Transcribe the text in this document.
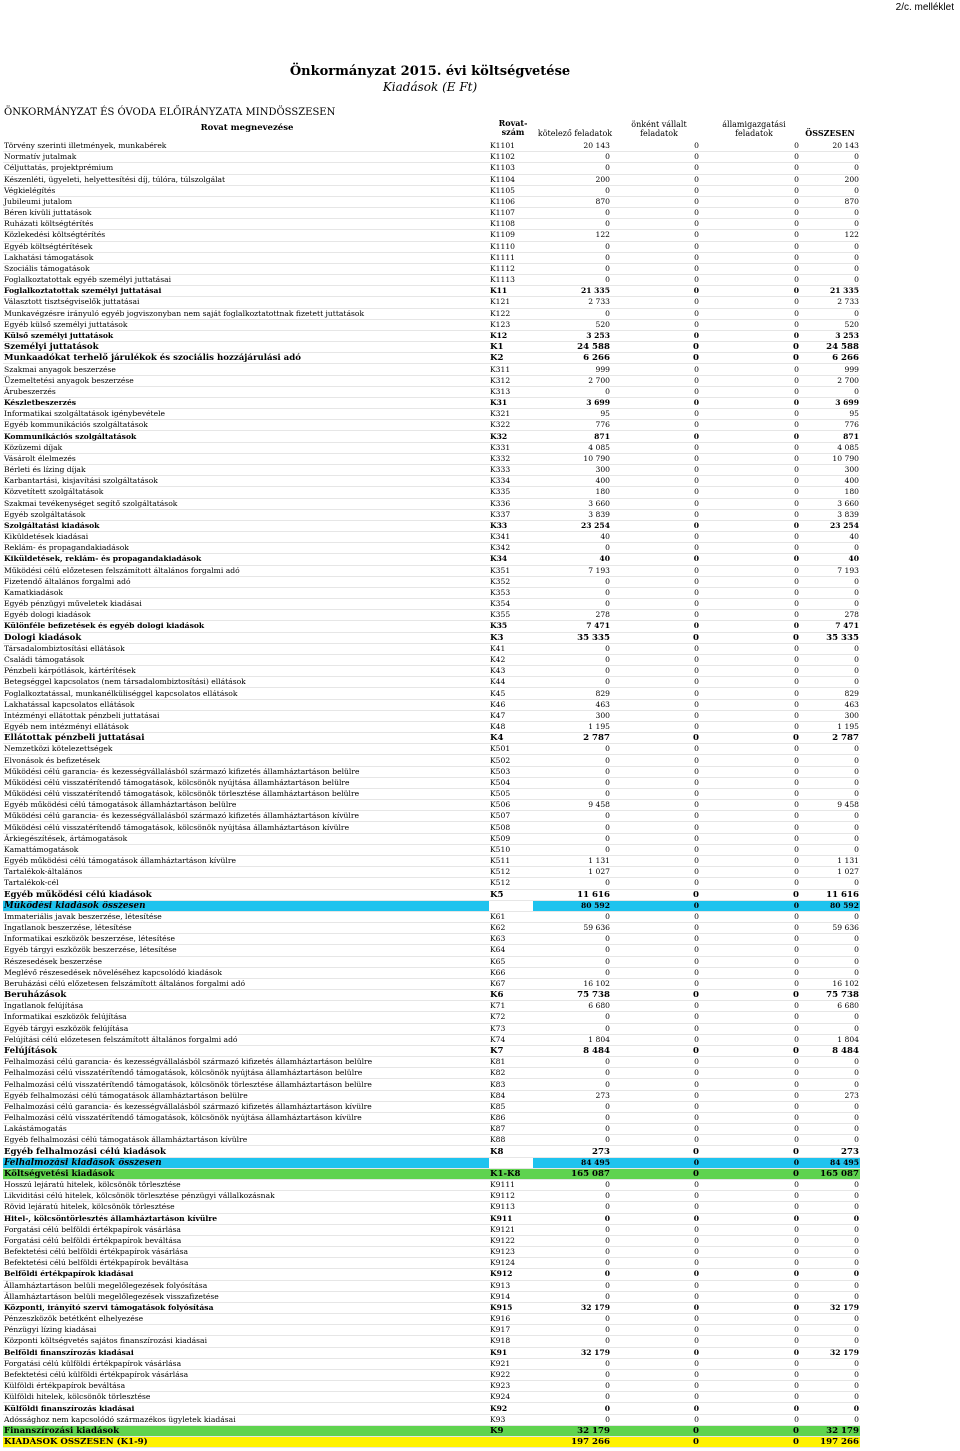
2/c. melléklet
Önkormányzat 2015. évi költségvetése
Kiadások (E Ft)
ÖNKORMÁNYZAT ÉS ÓVODA ELŐIRÁNYZATA MINDÖSSZESEN
Rovat megnevezése	Rovat-
szám	kötelező feladatok
önként vállalt
feladatok
államigazgatási
feladatok	ÖSSZESEN
Törvény szerinti illetmények, munkabérek	K1101	20 143	0	0	20 143
Normatív jutalmak	K1102	0	0	0	0
Céljuttatás, projektprémium	K1103	0	0	0	0
Készenléti, ügyeleti, helyettesítési díj, túlóra, túlszolgálat	K1104	200	0	0	200
Végkielégítés	K1105	0	0	0	0
Jubileumi jutalom	K1106	870	0	0	870
Béren kívüli juttatások	K1107	0	0	0	0
Ruházati költségtérítés	K1108	0	0	0	0
Közlekedési költségtérítés	K1109	122	0	0	122
Egyéb költségtérítések	K1110	0	0	0	0
Lakhatási támogatások	K1111	0	0	0	0
Szociális támogatások	K1112	0	0	0	0
Foglalkoztatottak egyéb személyi juttatásai	K1113	0	0	0	0
Foglalkoztatottak személyi juttatásai	K11	21 335	0	0	21 335
Választott tisztségviselők juttatásai	K121	2 733	0	0	2 733
Munkavégzésre irányuló egyéb jogviszonyban nem saját foglalkoztatottnak fizetett juttatások	K122	0	0	0	0
Egyéb külső személyi juttatások	K123	520	0	0	520
Külső személyi juttatások	K12	3 253	0	0	3 253
Személyi juttatások	K1	24 588	0	0	24 588
Munkaadókat terhelő járulékok és szociális hozzájárulási adó	K2	6 266	0	0	6 266
Szakmai anyagok beszerzése	K311	999	0	0	999
Üzemeltetési anyagok beszerzése	K312	2 700	0	0	2 700
Árubeszerzés	K313	0	0	0	0
Készletbeszerzés	K31	3 699	0	0	3 699
Informatikai szolgáltatások igénybevétele	K321	95	0	0	95
Egyéb kommunikációs szolgáltatások	K322	776	0	0	776
Kommunikációs szolgáltatások	K32	871	0	0	871
Közüzemi díjak	K331	4 085	0	0	4 085
Vásárolt élelmezés	K332	10 790	0	0	10 790
Bérleti és lízing díjak	K333	300	0	0	300
Karbantartási, kisjavítási szolgáltatások	K334	400	0	0	400
Közvetített szolgáltatások	K335	180	0	0	180
Szakmai tevékenységet segítő szolgáltatások	K336	3 660	0	0	3 660
Egyéb szolgáltatások	K337	3 839	0	0	3 839
Szolgáltatási kiadások	K33	23 254	0	0	23 254
Kiküldetések kiadásai	K341	40	0	0	40
Reklám- és propagandakiadások	K342	0	0	0	0
Kiküldetések, reklám- és propagandakiadások	K34	40	0	0	40
Működési célú előzetesen felszámított általános forgalmi adó	K351	7 193	0	0	7 193
Fizetendő általános forgalmi adó	K352	0	0	0	0
Kamatkiadások	K353	0	0	0	0
Egyéb pénzügyi műveletek kiadásai	K354	0	0	0	0
Egyéb dologi kiadások	K355	278	0	0	278
Különféle befizetések és egyéb dologi kiadások	K35	7 471	0	0	7 471
Dologi kiadások	K3	35 335	0	0	35 335
Társadalombiztosítási ellátások	K41	0	0	0	0
Családi támogatások	K42	0	0	0	0
Pénzbeli kárpótlások, kártérítések	K43	0	0	0	0
Betegséggel kapcsolatos (nem társadalombiztosítási) ellátások	K44	0	0	0	0
Foglalkoztatással, munkanélküliséggel kapcsolatos ellátások	K45	829	0	0	829
Lakhatással kapcsolatos ellátások	K46	463	0	0	463
Intézményi ellátottak pénzbeli juttatásai	K47	300	0	0	300
Egyéb nem intézményi ellátások	K48	1 195	0	0	1 195
Ellátottak pénzbeli juttatásai	K4	2 787	0	0	2 787
Nemzetközi kötelezettségek	K501	0	0	0	0
Elvonások és befizetések	K502	0	0	0	0
Működési célú garancia- és kezességvállalásból származó kifizetés államháztartáson belülre	K503	0	0	0	0
Működési célú visszatérítendő támogatások, kölcsönök nyújtása államháztartáson belülre	K504	0	0	0	0
Működési célú visszatérítendő támogatások, kölcsönök törlesztése államháztartáson belülre	K505	0	0	0	0
Egyéb működési célú támogatások államháztartáson belülre	K506	9 458	0	0	9 458
Működési célú garancia- és kezességvállalásból származó kifizetés államháztartáson kívülre	K507	0	0	0	0
Működési célú visszatérítendő támogatások, kölcsönök nyújtása államháztartáson kívülre	K508	0	0	0	0
Árkiegészítések, ártámogatások	K509	0	0	0	0
Kamattámogatások	K510	0	0	0	0
Egyéb működési célú támogatások államháztartáson kívülre	K511	1 131	0	0	1 131
Tartalékok-általános	K512	1 027	0	0	1 027
Tartalékok-cél	K512	0	0	0	0
Egyéb működési célú kiadások	K5	11 616	0	0	11 616
Működési kiadások összesen		80 592	0	0	80 592
Immateriális javak beszerzése, létesítése	K61	0	0	0	0
Ingatlanok beszerzése, létesítése	K62	59 636	0	0	59 636
Informatikai eszközök beszerzése, létesítése	K63	0	0	0	0
Egyéb tárgyi eszközök beszerzése, létesítése	K64	0	0	0	0
Részesedések beszerzése	K65	0	0	0	0
Meglévő részesedések növeléséhez kapcsolódó kiadások	K66	0	0	0	0
Beruházási célú előzetesen felszámított általános forgalmi adó	K67	16 102	0	0	16 102
Beruházások	K6	75 738	0	0	75 738
Ingatlanok felújítása	K71	6 680	0	0	6 680
Informatikai eszközök felújítása	K72	0	0	0	0
Egyéb tárgyi eszközök felújítása	K73	0	0	0	0
Felújítási célú előzetesen felszámított általános forgalmi adó	K74	1 804	0	0	1 804
Felújítások	K7	8 484	0	0	8 484
Felhalmozási célú garancia- és kezességvállalásból származó kifizetés államháztartáson belülre	K81	0	0	0	0
Felhalmozási célú visszatérítendő támogatások, kölcsönök nyújtása államháztartáson belülre	K82	0	0	0	0
Felhalmozási célú visszatérítendő támogatások, kölcsönök törlesztése államháztartáson belülre	K83	0	0	0	0
Egyéb felhalmozási célú támogatások államháztartáson belülre	K84	273	0	0	273
Felhalmozási célú garancia- és kezességvállalásból származó kifizetés államháztartáson kívülre	K85	0	0	0	0
Felhalmozási célú visszatérítendő támogatások, kölcsönök nyújtása államháztartáson kívülre	K86	0	0	0	0
Lakástámogatás	K87	0	0	0	0
Egyéb felhalmozási célú támogatások államháztartáson kívülre	K88	0	0	0	0
Egyéb felhalmozási célú kiadások	K8	273	0	0	273
Felhalmozási kiadások összesen		84 495	0	0	84 495
Költségvetési kiadások	K1-K8	165 087	0	0	165 087
Hosszú lejáratú hitelek, kölcsönök törlesztése	K9111	0	0	0	0
Likviditási célú hitelek, kölcsönök törlesztése pénzügyi vállalkozásnak	K9112	0	0	0	0
Rövid lejáratú hitelek, kölcsönök törlesztése	K9113	0	0	0	0
Hitel-, kölcsöntörlesztés államháztartáson kívülre	K911	0	0	0	0
Forgatási célú belföldi értékpapírok vásárlása	K9121	0	0	0	0
Forgatási célú belföldi értékpapírok beváltása	K9122	0	0	0	0
Befektetési célú belföldi értékpapírok vásárlása	K9123	0	0	0	0
Befektetési célú belföldi értékpapírok beváltása	K9124	0	0	0	0
Belföldi értékpapírok kiadásai	K912	0	0	0	0
Államháztartáson belüli megelőlegezések folyósítása	K913	0	0	0	0
Államháztartáson belüli megelőlegezések visszafizetése	K914	0	0	0	0
Központi, irányító szervi támogatások folyósítása	K915	32 179	0	0	32 179
Pénzeszközök betétként elhelyezése	K916	0	0	0	0
Pénzügyi lízing kiadásai	K917	0	0	0	0
Központi költségvetés sajátos finanszírozási kiadásai	K918	0	0	0	0
Belföldi finanszírozás kiadásai	K91	32 179	0	0	32 179
Forgatási célú külföldi értékpapírok vásárlása	K921	0	0	0	0
Befektetési célú külföldi értékpapírok vásárlása	K922	0	0	0	0
Külföldi értékpapírok beváltása	K923	0	0	0	0
Külföldi hitelek, kölcsönök törlesztése	K924	0	0	0	0
Külföldi finanszírozás kiadásai	K92	0	0	0	0
Adóssághoz nem kapcsolódó származékos ügyletek kiadásai	K93	0	0	0	0
Finanszírozási kiadások	K9	32 179	0	0	32 179
KIADÁSOK ÖSSZESEN (K1-9)		197 266	0	0	197 266
